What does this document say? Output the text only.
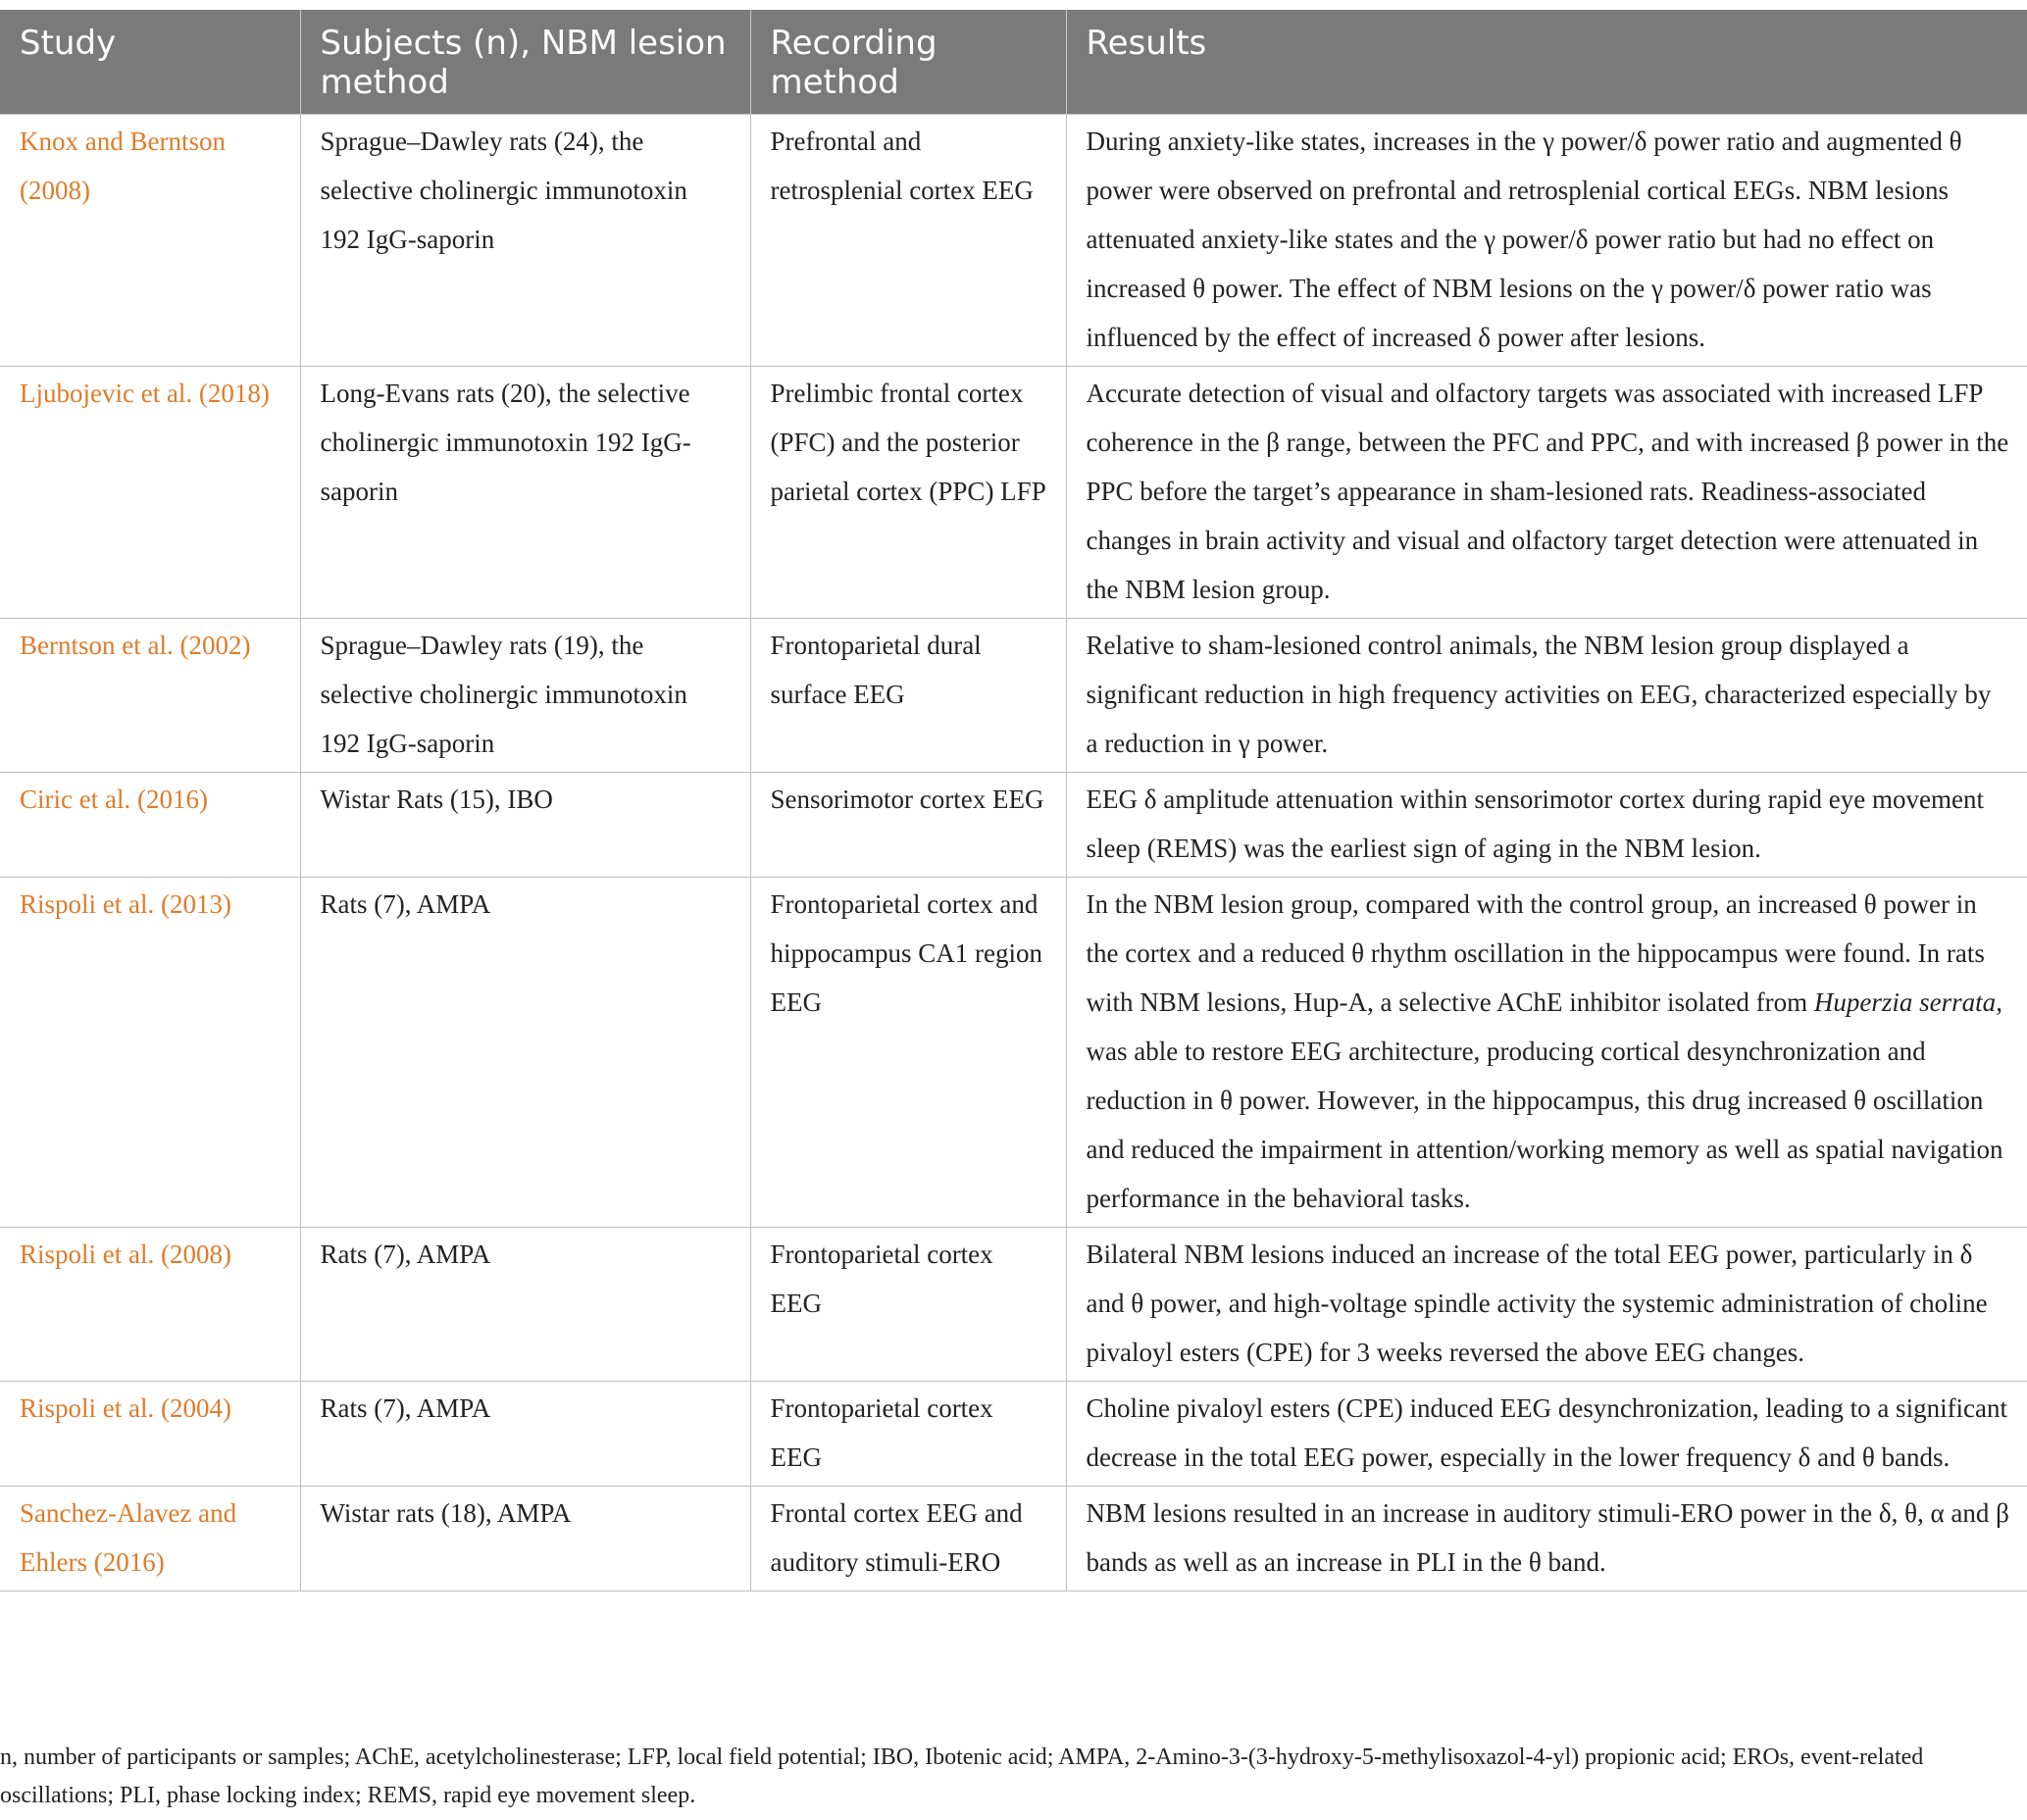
Study	Subjects (n), NBM lesion method	Recording method	Results
Knox and Berntson (2008)	Sprague–Dawley rats (24), the selective cholinergic immunotoxin 192 IgG-saporin	Prefrontal and retrosplenial cortex EEG	During anxiety-like states, increases in the γ power/δ power ratio and augmented θ power were observed on prefrontal and retrosplenial cortical EEGs. NBM lesions attenuated anxiety-like states and the γ power/δ power ratio but had no effect on increased θ power. The effect of NBM lesions on the γ power/δ power ratio was influenced by the effect of increased δ power after lesions.
Ljubojevic et al. (2018)	Long-Evans rats (20), the selective cholinergic immunotoxin 192 IgG-saporin	Prelimbic frontal cortex (PFC) and the posterior parietal cortex (PPC) LFP	Accurate detection of visual and olfactory targets was associated with increased LFP coherence in the β range, between the PFC and PPC, and with increased β power in the PPC before the target’s appearance in sham-lesioned rats. Readiness-associated changes in brain activity and visual and olfactory target detection were attenuated in the NBM lesion group.
Berntson et al. (2002)	Sprague–Dawley rats (19), the selective cholinergic immunotoxin 192 IgG-saporin	Frontoparietal dural surface EEG	Relative to sham-lesioned control animals, the NBM lesion group displayed a significant reduction in high frequency activities on EEG, characterized especially by a reduction in γ power.
Ciric et al. (2016)	Wistar Rats (15), IBO	Sensorimotor cortex EEG	EEG δ amplitude attenuation within sensorimotor cortex during rapid eye movement sleep (REMS) was the earliest sign of aging in the NBM lesion.
Rispoli et al. (2013)	Rats (7), AMPA	Frontoparietal cortex and hippocampus CA1 region EEG	In the NBM lesion group, compared with the control group, an increased θ power in the cortex and a reduced θ rhythm oscillation in the hippocampus were found. In rats with NBM lesions, Hup-A, a selective AChE inhibitor isolated from Huperzia serrata, was able to restore EEG architecture, producing cortical desynchronization and reduction in θ power. However, in the hippocampus, this drug increased θ oscillation and reduced the impairment in attention/working memory as well as spatial navigation performance in the behavioral tasks.
Rispoli et al. (2008)	Rats (7), AMPA	Frontoparietal cortex EEG	Bilateral NBM lesions induced an increase of the total EEG power, particularly in δ and θ power, and high-voltage spindle activity the systemic administration of choline pivaloyl esters (CPE) for 3 weeks reversed the above EEG changes.
Rispoli et al. (2004)	Rats (7), AMPA	Frontoparietal cortex EEG	Choline pivaloyl esters (CPE) induced EEG desynchronization, leading to a significant decrease in the total EEG power, especially in the lower frequency δ and θ bands.
Sanchez-Alavez and Ehlers (2016)	Wistar rats (18), AMPA	Frontal cortex EEG and auditory stimuli-ERO	NBM lesions resulted in an increase in auditory stimuli-ERO power in the δ, θ, α and β bands as well as an increase in PLI in the θ band.
n, number of participants or samples; AChE, acetylcholinesterase; LFP, local field potential; IBO, Ibotenic acid; AMPA, 2-Amino-3-(3-hydroxy-5-methylisoxazol-4-yl) propionic acid; EROs, event-related oscillations; PLI, phase locking index; REMS, rapid eye movement sleep.
